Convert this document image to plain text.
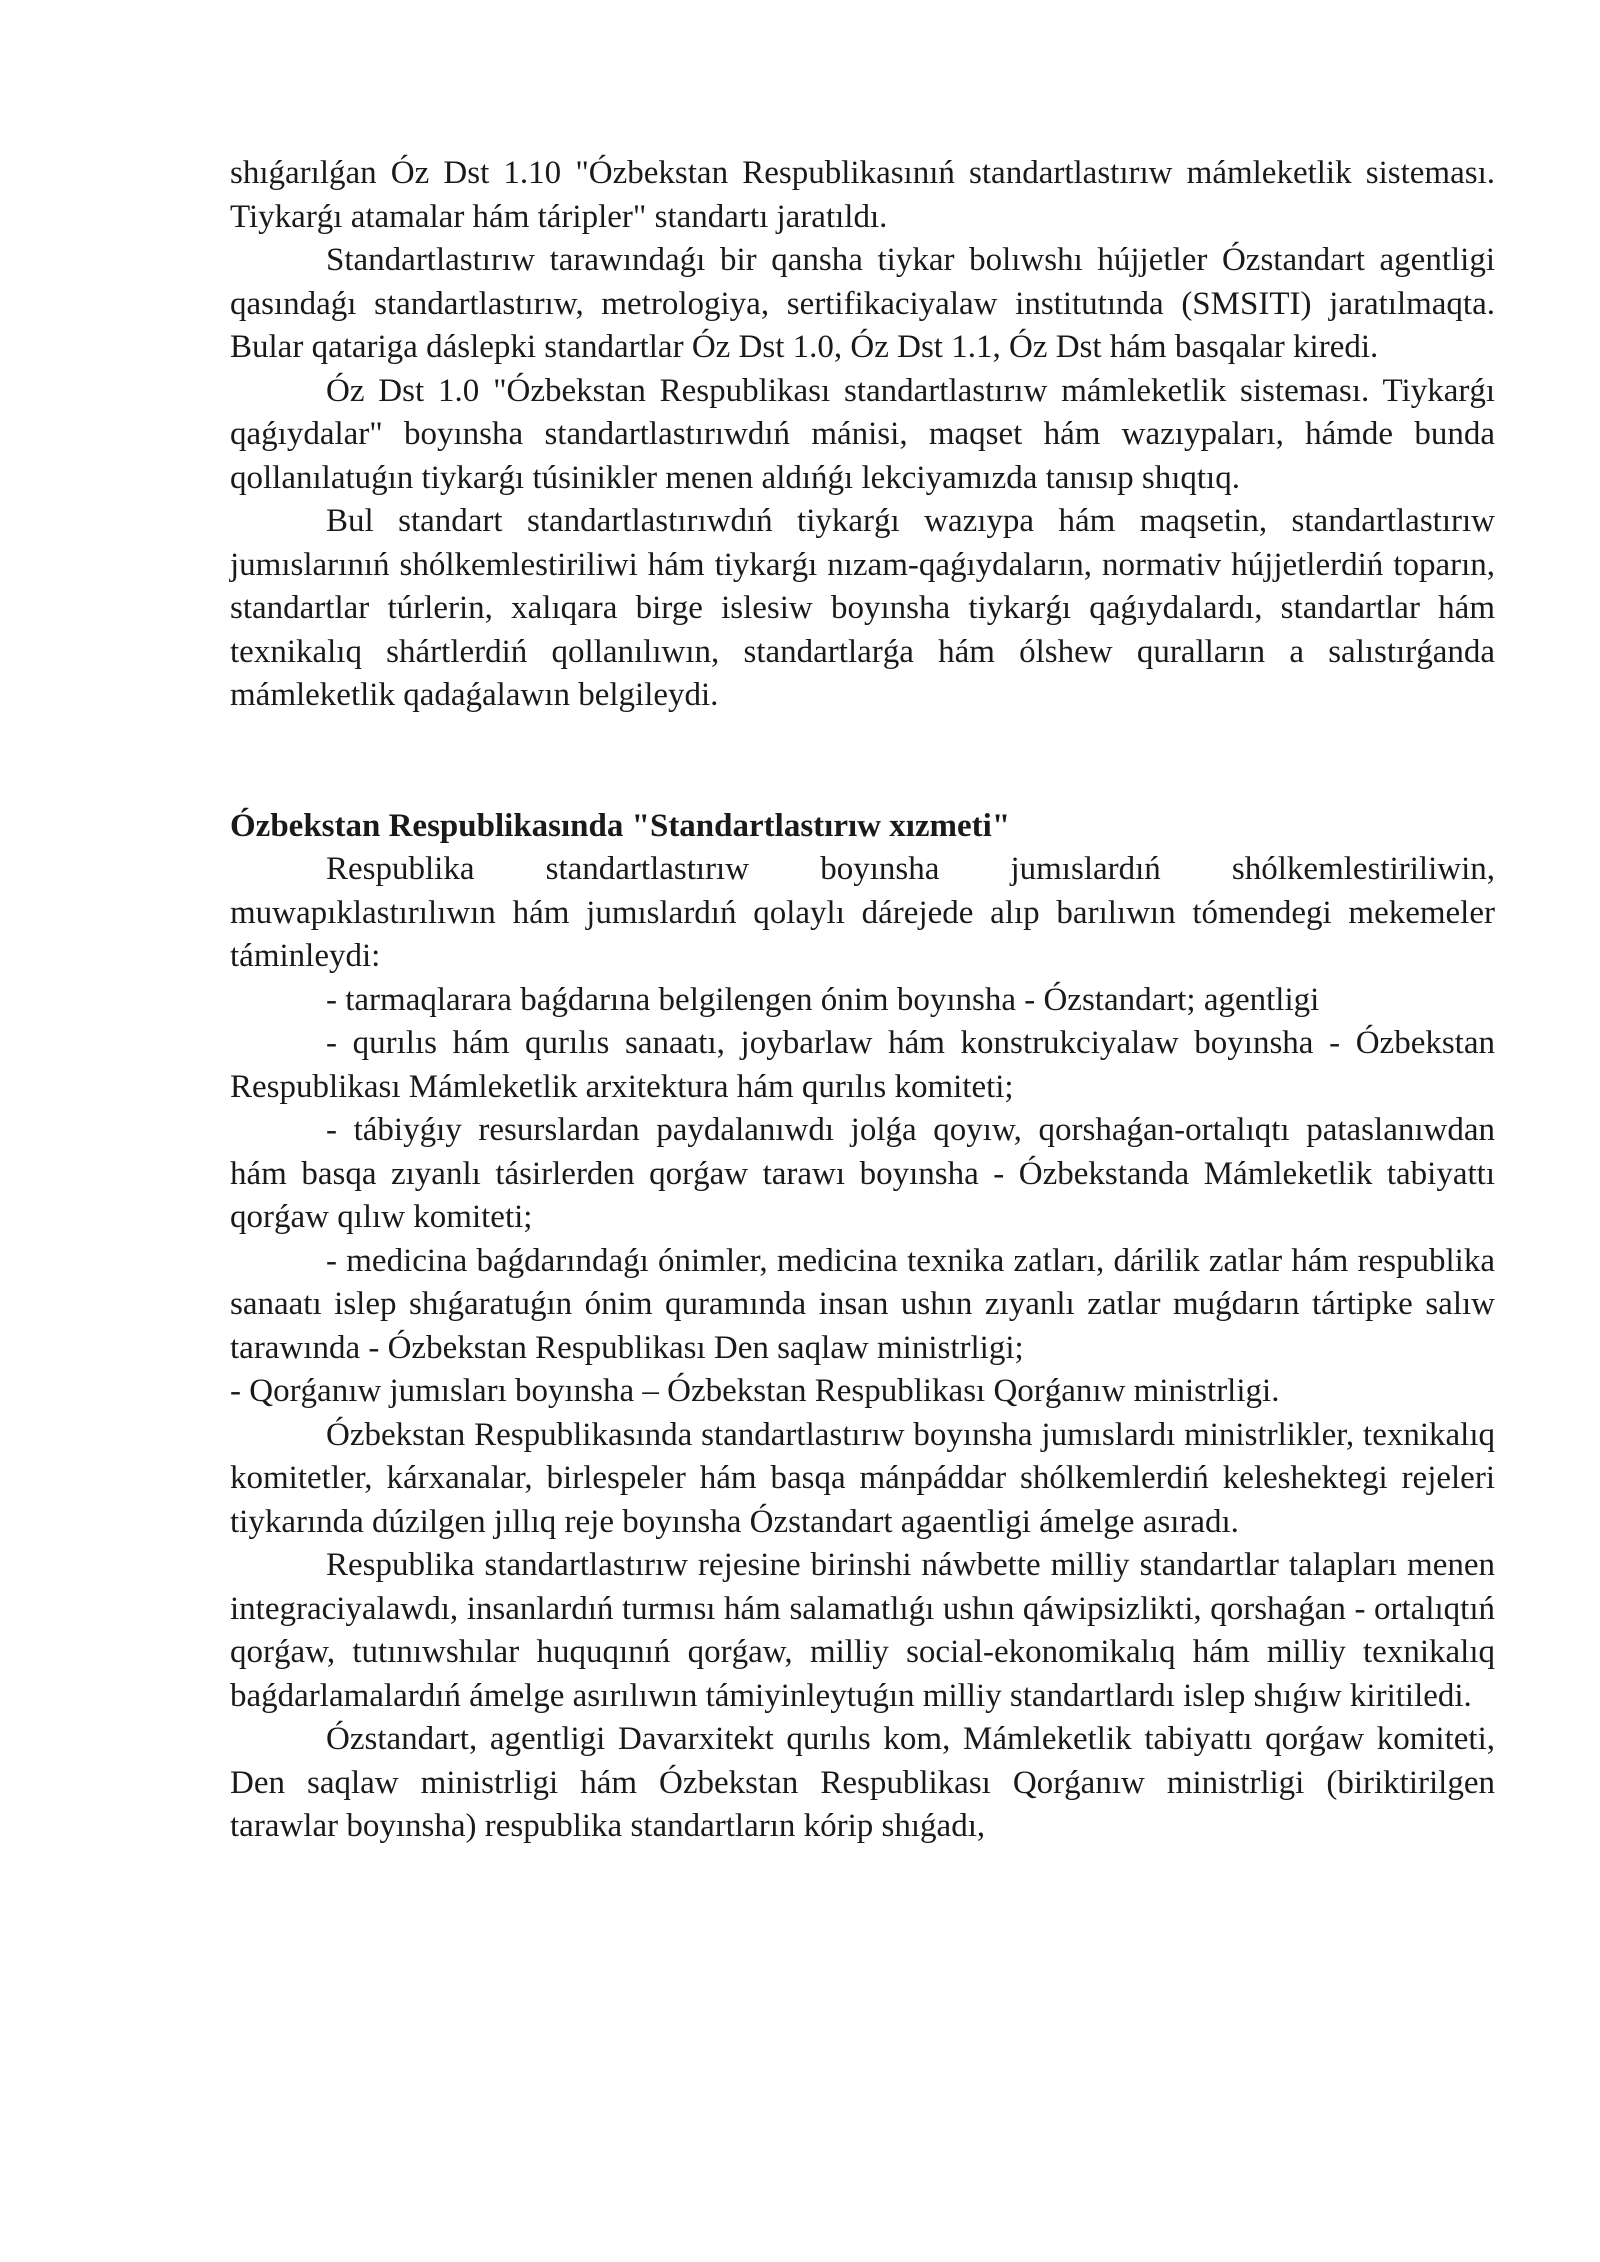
shıǵarılǵan Óz Dst 1.10 "Ózbekstan Respublikasınıń standartlastırıw mámleketlik sisteması. Tiykarǵı atamalar hám táripler" standartı jaratıldı.

Standartlastırıw tarawındaǵı bir qansha tiykar bolıwshı hújjetler Ózstandart agentligi qasındaǵı standartlastırıw, metrologiya, sertifikaciyalaw institutında (SMSITI) jaratılmaqta. Bular qatariga dáslepki standartlar Óz Dst 1.0, Óz Dst 1.1, Óz Dst hám basqalar kiredi.

Óz Dst 1.0 "Ózbekstan Respublikası standartlastırıw mámleketlik sisteması. Tiykarǵı qaǵıydalar" boyınsha standartlastırıwdıń mánisi, maqset hám wazıypaları, hámde bunda qollanılatuǵın tiykarǵı túsinikler menen aldıńǵı lekciyamızda tanısıp shıqtıq.

Bul standart standartlastırıwdıń tiykarǵı wazıypa hám maqsetin, standartlastırıw jumıslarınıń shólkemlestiriliwi hám tiykarǵı nızam-qaǵıydaların, normativ hújjetlerdiń toparın, standartlar túrlerin, xalıqara birge islesiw boyınsha tiykarǵı qaǵıydalardı, standartlar hám texnikalıq shártlerdiń qollanılıwın, standartlarǵa hám ólshew quralların a salıstırǵanda mámleketlik qadaǵalawın belgileydi.

Ózbekstan Respublikasında "Standartlastırıw xızmeti"

Respublika standartlastırıw boyınsha jumıslardıń shólkemlestiriliwin, muwapıklastırılıwın hám jumıslardıń qolaylı dárejede alıp barılıwın tómendegi mekemeler táminleydi:

- tarmaqlarara baǵdarına belgilengen ónim boyınsha - Ózstandart; agentligi

- qurılıs hám qurılıs sanaatı, joybarlaw hám konstrukciyalaw boyınsha - Ózbekstan Respublikası Mámleketlik arxitektura hám qurılıs komiteti;

- tábiyǵıy resurslardan paydalanıwdı jolǵa qoyıw, qorshaǵan-ortalıqtı pataslanıwdan hám basqa zıyanlı tásirlerden qorǵaw tarawı boyınsha - Ózbekstanda Mámleketlik tabiyattı qorǵaw qılıw komiteti;

- medicina baǵdarındaǵı ónimler, medicina texnika zatları, dárilik zatlar hám respublika sanaatı islep shıǵaratuǵın ónim quramında insan ushın zıyanlı zatlar muǵdarın tártipke salıw tarawında - Ózbekstan Respublikası Den saqlaw ministrligi;

- Qorǵanıw jumısları boyınsha – Ózbekstan Respublikası Qorǵanıw ministrligi.

Ózbekstan Respublikasında standartlastırıw boyınsha jumıslardı ministrlikler, texnikalıq komitetler, kárxanalar, birlespeler hám basqa mánpáddar shólkemlerdiń keleshektegi rejeleri tiykarında dúzilgen jıllıq reje boyınsha Ózstandart agaentligi ámelge asıradı.

Respublika standartlastırıw rejesine birinshi náwbette milliy standartlar talapları menen integraciyalawdı, insanlardıń turmısı hám salamatlıǵı ushın qáwipsizlikti, qorshaǵan - ortalıqtıń qorǵaw, tutınıwshılar huquqınıń qorǵaw, milliy social-ekonomikalıq hám milliy texnikalıq baǵdarlamalardıń ámelge asırılıwın támiyinleytuǵın milliy standartlardı islep shıǵıw kiritiledi.

Ózstandart, agentligi Davarxitekt qurılıs kom, Mámleketlik tabiyattı qorǵaw komiteti, Den saqlaw ministrligi hám Ózbekstan Respublikası Qorǵanıw ministrligi (biriktirilgen tarawlar boyınsha) respublika standartların kórip shıǵadı,
